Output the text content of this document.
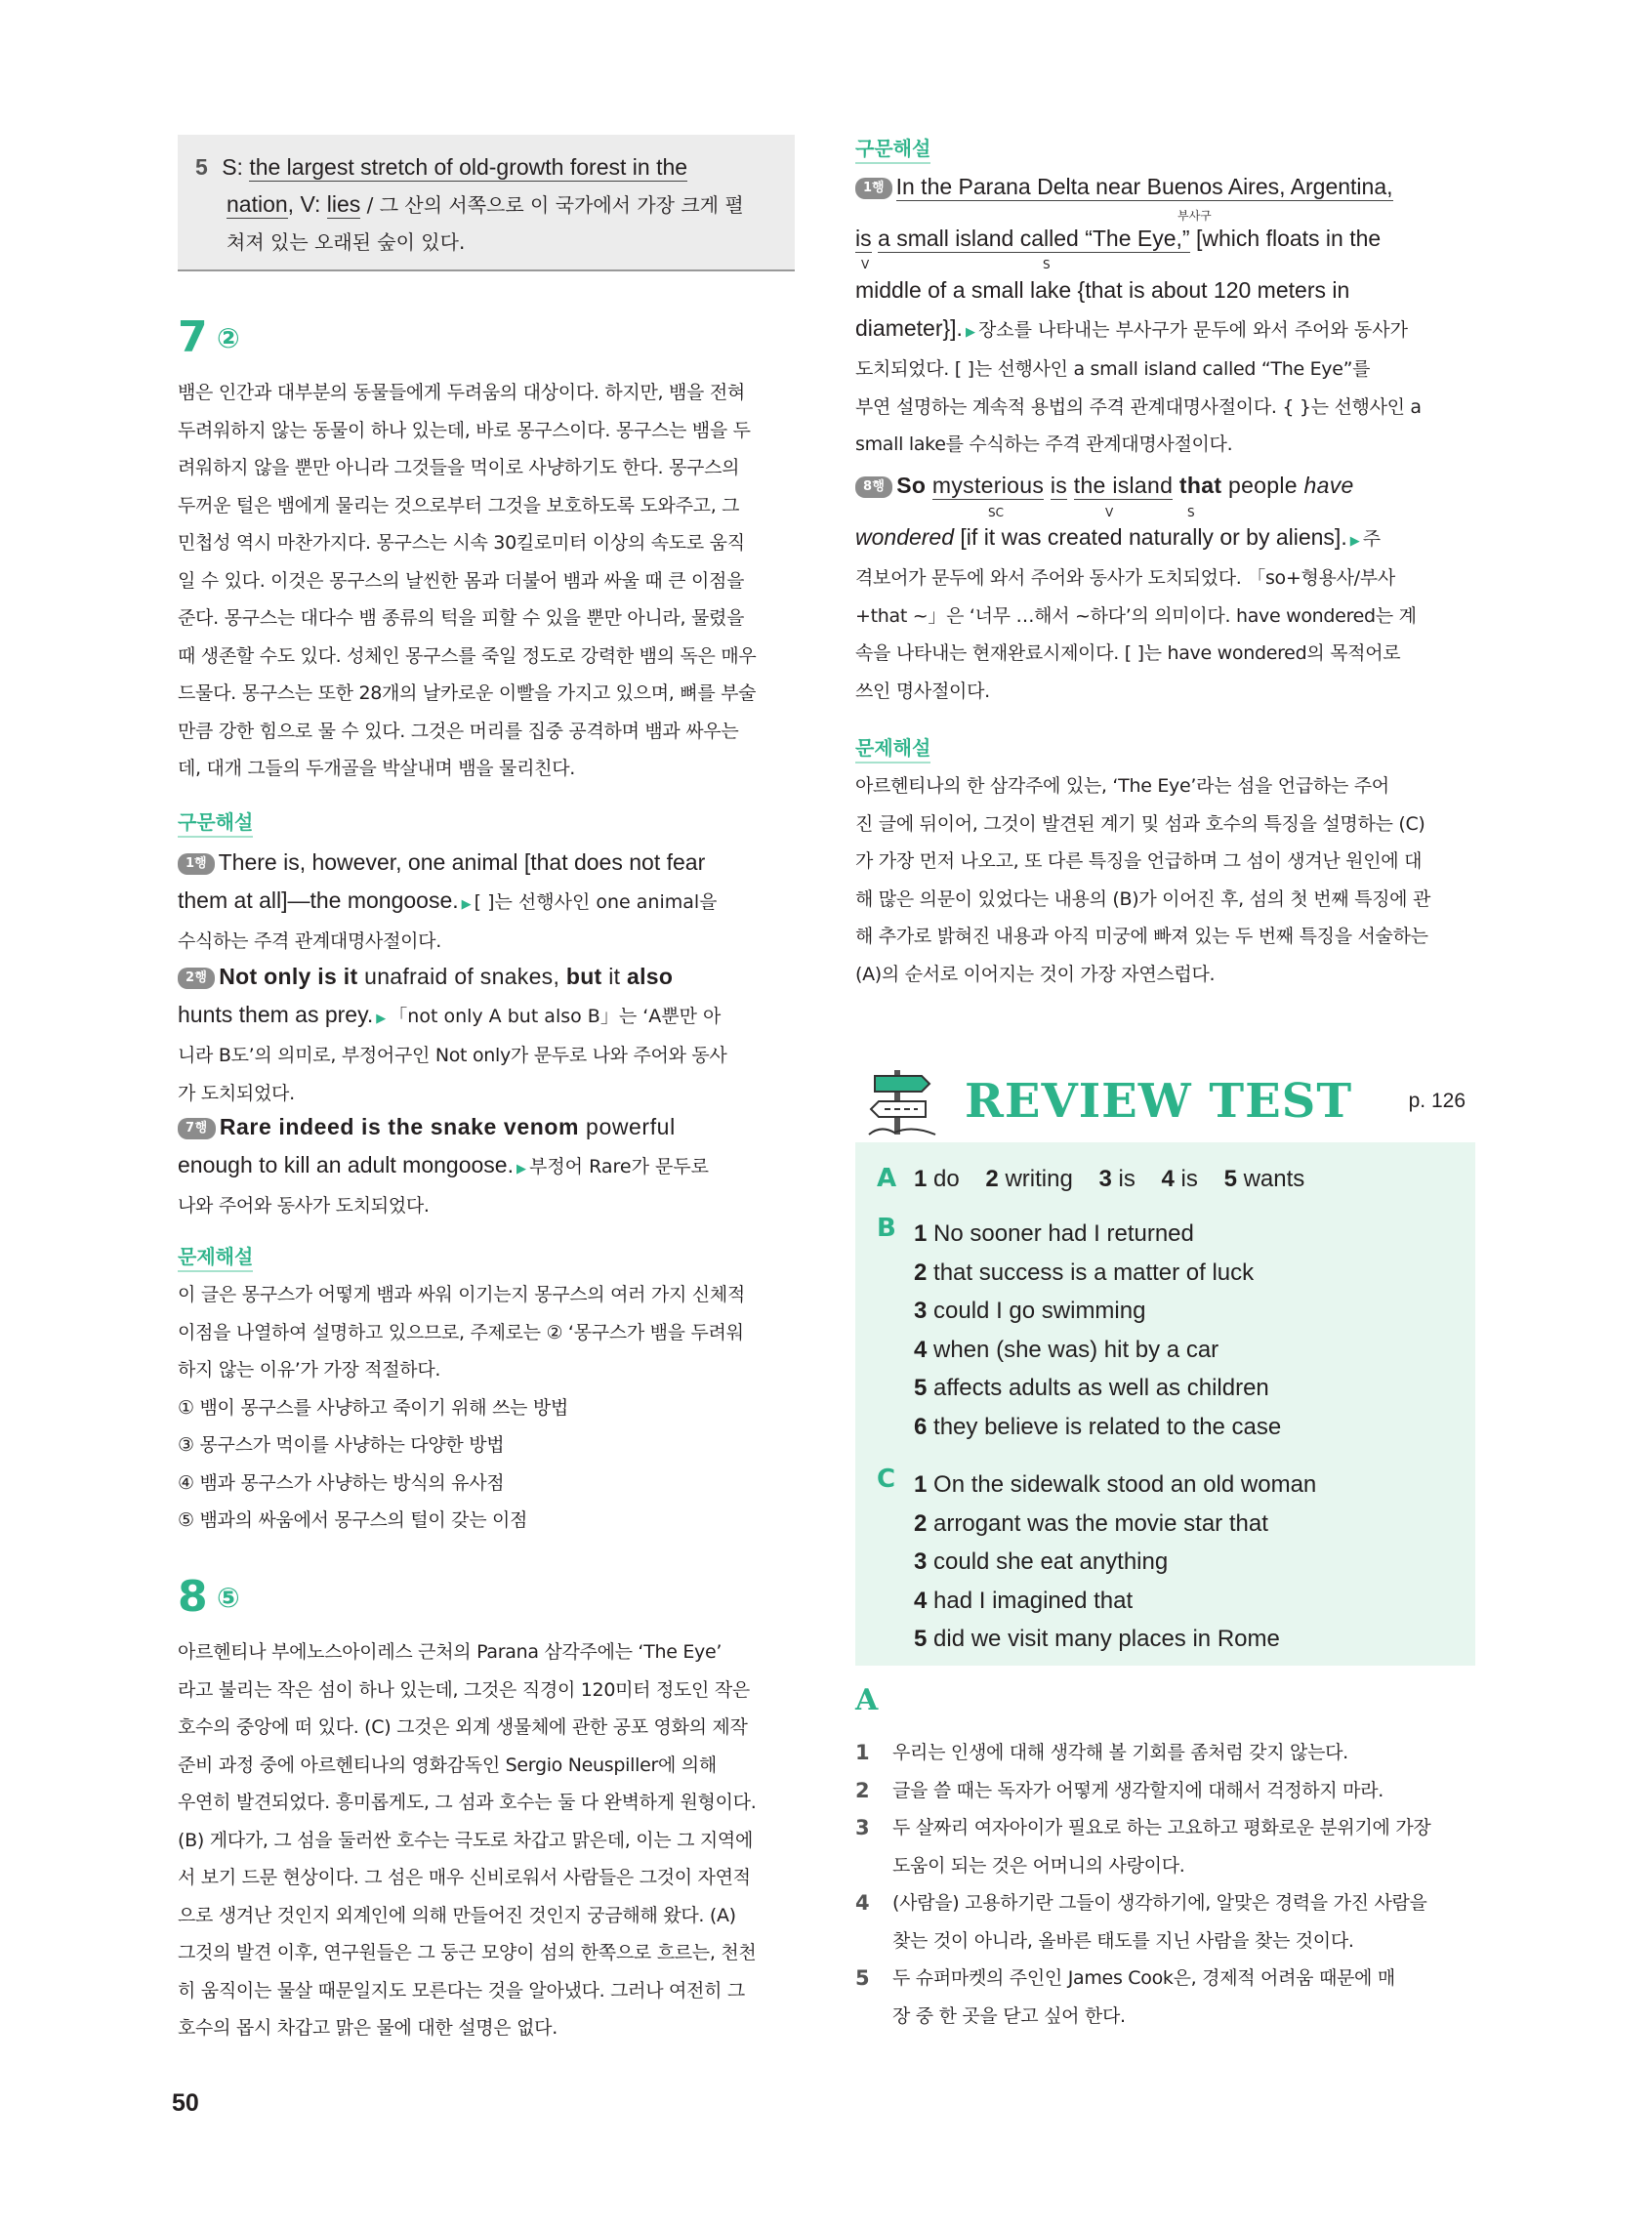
5 S: the largest stretch of old-growth forest in the
nation, V: lies / 그 산의 서쪽으로 이 국가에서 가장 크게 펼
쳐져 있는 오래된 숲이 있다.
7 ②

뱀은 인간과 대부분의 동물들에게 두려움의 대상이다. 하지만, 뱀을 전혀

두려워하지 않는 동물이 하나 있는데, 바로 몽구스이다. 몽구스는 뱀을 두

려워하지 않을 뿐만 아니라 그것들을 먹이로 사냥하기도 한다. 몽구스의

두꺼운 털은 뱀에게 물리는 것으로부터 그것을 보호하도록 도와주고, 그

민첩성 역시 마찬가지다. 몽구스는 시속 30킬로미터 이상의 속도로 움직

일 수 있다. 이것은 몽구스의 날씬한 몸과 더불어 뱀과 싸울 때 큰 이점을

준다. 몽구스는 대다수 뱀 종류의 턱을 피할 수 있을 뿐만 아니라, 물렸을

때 생존할 수도 있다. 성체인 몽구스를 죽일 정도로 강력한 뱀의 독은 매우

드물다. 몽구스는 또한 28개의 날카로운 이빨을 가지고 있으며, 뼈를 부술

만큼 강한 힘으로 물 수 있다. 그것은 머리를 집중 공격하며 뱀과 싸우는

데, 대개 그들의 두개골을 박살내며 뱀을 물리친다.

구문해설

1행 There is, however, one animal [that does not fear

them at all]—the mongoose. ▶ [ ]는 선행사인 one animal을

수식하는 주격 관계대명사절이다.

2행 Not only is it unafraid of snakes, but it also

hunts them as prey. ▶ 「not only A but also B」는 ‘A뿐만 아

니라 B도’의 의미로, 부정어구인 Not only가 문두로 나와 주어와 동사

가 도치되었다.

7행 Rare indeed is the snake venom powerful

enough to kill an adult mongoose. ▶ 부정어 Rare가 문두로

나와 주어와 동사가 도치되었다.

문제해설

이 글은 몽구스가 어떻게 뱀과 싸워 이기는지 몽구스의 여러 가지 신체적

이점을 나열하여 설명하고 있으므로, 주제로는 ② ‘몽구스가 뱀을 두려워

하지 않는 이유’가 가장 적절하다.

① 뱀이 몽구스를 사냥하고 죽이기 위해 쓰는 방법

③ 몽구스가 먹이를 사냥하는 다양한 방법

④ 뱀과 몽구스가 사냥하는 방식의 유사점

⑤ 뱀과의 싸움에서 몽구스의 털이 갖는 이점

8 ⑤

아르헨티나 부에노스아이레스 근처의 Parana 삼각주에는 ‘The Eye’

라고 불리는 작은 섬이 하나 있는데, 그것은 직경이 120미터 정도인 작은

호수의 중앙에 떠 있다. (C) 그것은 외계 생물체에 관한 공포 영화의 제작

준비 과정 중에 아르헨티나의 영화감독인 Sergio Neuspiller에 의해

우연히 발견되었다. 흥미롭게도, 그 섬과 호수는 둘 다 완벽하게 원형이다.

(B) 게다가, 그 섬을 둘러싼 호수는 극도로 차갑고 맑은데, 이는 그 지역에

서 보기 드문 현상이다. 그 섬은 매우 신비로워서 사람들은 그것이 자연적

으로 생겨난 것인지 외계인에 의해 만들어진 것인지 궁금해해 왔다. (A)

그것의 발견 이후, 연구원들은 그 둥근 모양이 섬의 한쪽으로 흐르는, 천천

히 움직이는 물살 때문일지도 모른다는 것을 알아냈다. 그러나 여전히 그

호수의 몹시 차갑고 맑은 물에 대한 설명은 없다.

50
구문해설

1행 In the Parana Delta near Buenos Aires, Argentina,

부사구

is a small island called “The Eye,” [which floats in the

V	S

middle of a small lake {that is about 120 meters in

diameter}]. ▶ 장소를 나타내는 부사구가 문두에 와서 주어와 동사가

도치되었다. [ ]는 선행사인 a small island called “The Eye”를

부연 설명하는 계속적 용법의 주격 관계대명사절이다. { }는 선행사인 a

small lake를 수식하는 주격 관계대명사절이다.

8행 So mysterious is the island that people have

SC	V	S

wondered [if it was created naturally or by aliens]. ▶ 주

격보어가 문두에 와서 주어와 동사가 도치되었다. 「so+형용사/부사

+that ~」은 ‘너무 …해서 ~하다’의 의미이다. have wondered는 계

속을 나타내는 현재완료시제이다. [ ]는 have wondered의 목적어로

쓰인 명사절이다.

문제해설

아르헨티나의 한 삼각주에 있는, ‘The Eye’라는 섬을 언급하는 주어

진 글에 뒤이어, 그것이 발견된 계기 및 섬과 호수의 특징을 설명하는 (C)

가 가장 먼저 나오고, 또 다른 특징을 언급하며 그 섬이 생겨난 원인에 대

해 많은 의문이 있었다는 내용의 (B)가 이어진 후, 섬의 첫 번째 특징에 관

해 추가로 밝혀진 내용과 아직 미궁에 빠져 있는 두 번째 특징을 서술하는

(A)의 순서로 이어지는 것이 가장 자연스럽다.

REVIEW TEST	p. 126
A 1 do 2 writing 3 is 4 is 5 wants
B 1 No sooner had I returned
2 that success is a matter of luck
3 could I go swimming
4 when (she was) hit by a car
5 affects adults as well as children
6 they believe is related to the case
C 1 On the sidewalk stood an old woman
2 arrogant was the movie star that
3 could she eat anything
4 had I imagined that
5 did we visit many places in Rome
A
1 우리는 인생에 대해 생각해 볼 기회를 좀처럼 갖지 않는다.

2 글을 쓸 때는 독자가 어떻게 생각할지에 대해서 걱정하지 마라.

3 두 살짜리 여자아이가 필요로 하는 고요하고 평화로운 분위기에 가장

도움이 되는 것은 어머니의 사랑이다.

4 (사람을) 고용하기란 그들이 생각하기에, 알맞은 경력을 가진 사람을

찾는 것이 아니라, 올바른 태도를 지닌 사람을 찾는 것이다.

5 두 슈퍼마켓의 주인인 James Cook은, 경제적 어려움 때문에 매

장 중 한 곳을 닫고 싶어 한다.
